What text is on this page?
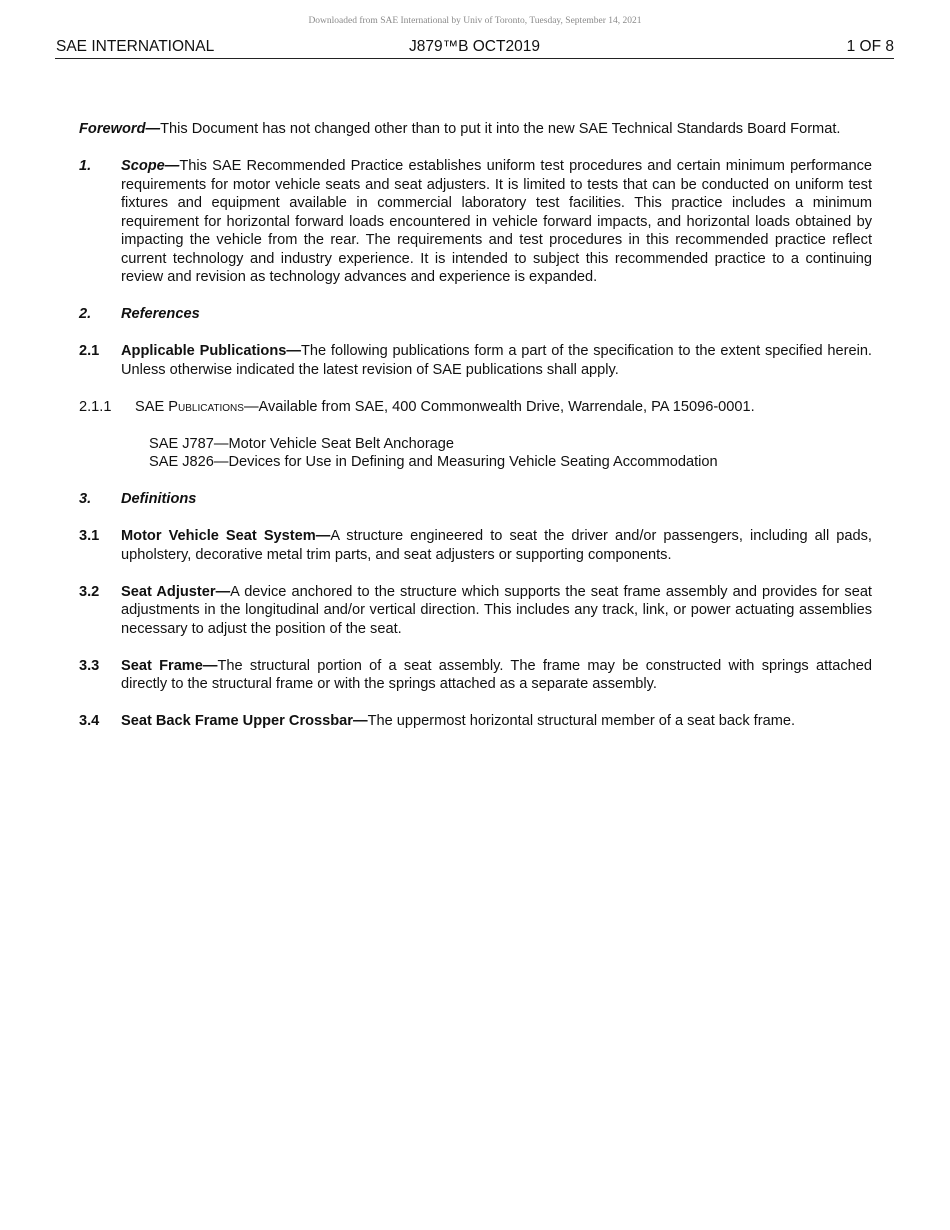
Downloaded from SAE International by Univ of Toronto, Tuesday, September 14, 2021
SAE INTERNATIONAL	J879™B OCT2019	1 OF 8

Foreword—This Document has not changed other than to put it into the new SAE Technical Standards Board Format.

1.	Scope—This SAE Recommended Practice establishes uniform test procedures and certain minimum performance requirements for motor vehicle seats and seat adjusters. It is limited to tests that can be conducted on uniform test fixtures and equipment available in commercial laboratory test facilities. This practice includes a minimum requirement for horizontal forward loads encountered in vehicle forward impacts, and horizontal loads obtained by impacting the vehicle from the rear. The requirements and test procedures in this recommended practice reflect current technology and industry experience. It is intended to subject this recommended practice to a continuing review and revision as technology advances and experience is expanded.
2.	References
2.1	Applicable Publications—The following publications form a part of the specification to the extent specified herein. Unless otherwise indicated the latest revision of SAE publications shall apply.
2.1.1	SAE Publications—Available from SAE, 400 Commonwealth Drive, Warrendale, PA 15096-0001.
SAE J787—Motor Vehicle Seat Belt Anchorage
SAE J826—Devices for Use in Defining and Measuring Vehicle Seating Accommodation
3.	Definitions
3.1	Motor Vehicle Seat System—A structure engineered to seat the driver and/or passengers, including all pads, upholstery, decorative metal trim parts, and seat adjusters or supporting components.
3.2	Seat Adjuster—A device anchored to the structure which supports the seat frame assembly and provides for seat adjustments in the longitudinal and/or vertical direction. This includes any track, link, or power actuating assemblies necessary to adjust the position of the seat.
3.3	Seat Frame—The structural portion of a seat assembly. The frame may be constructed with springs attached directly to the structural frame or with the springs attached as a separate assembly.
3.4	Seat Back Frame Upper Crossbar—The uppermost horizontal structural member of a seat back frame.
